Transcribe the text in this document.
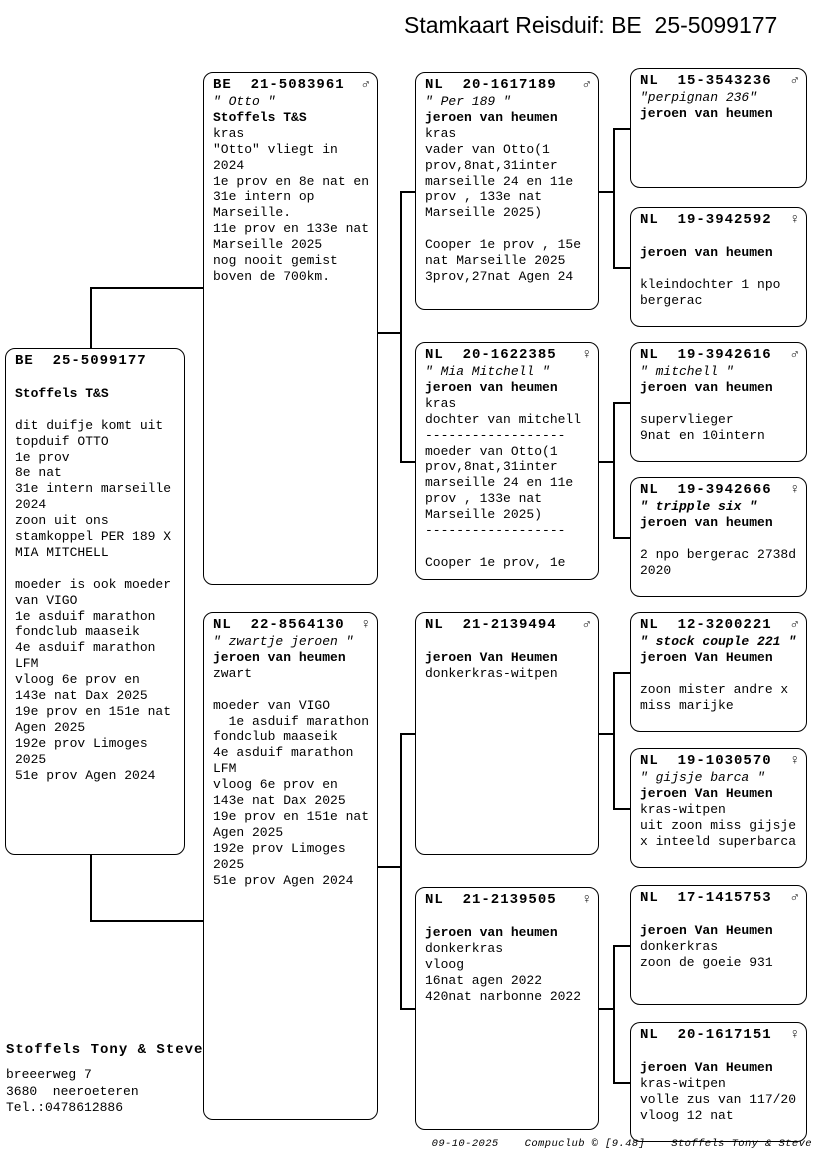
Stamkaart Reisduif: BE  25-5099177
BE  25-5099177
Stoffels T&S
dit duifje komt uit
topduif OTTO
1e prov
8e nat
31e intern marseille
2024
zoon uit ons
stamkoppel PER 189 X
MIA MITCHELL
moeder is ook moeder
van VIGO
1e asduif marathon
fondclub maaseik
4e asduif marathon
LFM
vloog 6e prov en
143e nat Dax 2025
19e prov en 151e nat
Agen 2025
192e prov Limoges
2025
51e prov Agen 2024
BE  21-5083961 ♂
" Otto "
Stoffels T&S
kras
"Otto" vliegt in
2024
1e prov en 8e nat en
31e intern op
Marseille.
11e prov en 133e nat
Marseille 2025
nog nooit gemist
boven de 700km.
NL  22-8564130 ♀
" zwartje jeroen "
jeroen van heumen
zwart
moeder van VIGO
1e asduif marathon
fondclub maaseik
4e asduif marathon
LFM
vloog 6e prov en
143e nat Dax 2025
19e prov en 151e nat
Agen 2025
192e prov Limoges
2025
51e prov Agen 2024
NL  20-1617189 ♂
" Per 189 "
jeroen van heumen
kras
vader van Otto(1
prov,8nat,31inter
marseille 24 en 11e
prov , 133e nat
Marseille 2025)
Cooper 1e prov , 15e
nat Marseille 2025
3prov,27nat Agen 24
NL  20-1622385 ♀
" Mia Mitchell "
jeroen van heumen
kras
dochter van mitchell
------------------
moeder van Otto(1
prov,8nat,31inter
marseille 24 en 11e
prov , 133e nat
Marseille 2025)
------------------
Cooper 1e prov, 1e
NL  21-2139494 ♂
jeroen Van Heumen
donkerkras-witpen
NL  21-2139505 ♀
jeroen van heumen
donkerkras
vloog
16nat agen 2022
420nat narbonne 2022
NL  15-3543236 ♂
"perpignan 236"
jeroen van heumen
NL  19-3942592 ♀
jeroen van heumen
kleindochter 1 npo
bergerac
NL  19-3942616 ♂
" mitchell "
jeroen van heumen
supervlieger
9nat en 10intern
NL  19-3942666 ♀
" tripple six "
jeroen van heumen
2 npo bergerac 2738d
2020
NL  12-3200221 ♂
" stock couple 221 "
jeroen Van Heumen
zoon mister andre x
miss marijke
NL  19-1030570 ♀
" gijsje barca "
jeroen Van Heumen
kras-witpen
uit zoon miss gijsje
x inteeld superbarca
NL  17-1415753 ♂
jeroen Van Heumen
donkerkras
zoon de goeie 931
NL  20-1617151 ♀
jeroen Van Heumen
kras-witpen
volle zus van 117/20
vloog 12 nat
Stoffels Tony & Steve
breeerweg 7
3680  neeroeteren
Tel.:0478612886
09-10-2025 Compuclub © [9.48] Stoffels Tony & Steve
